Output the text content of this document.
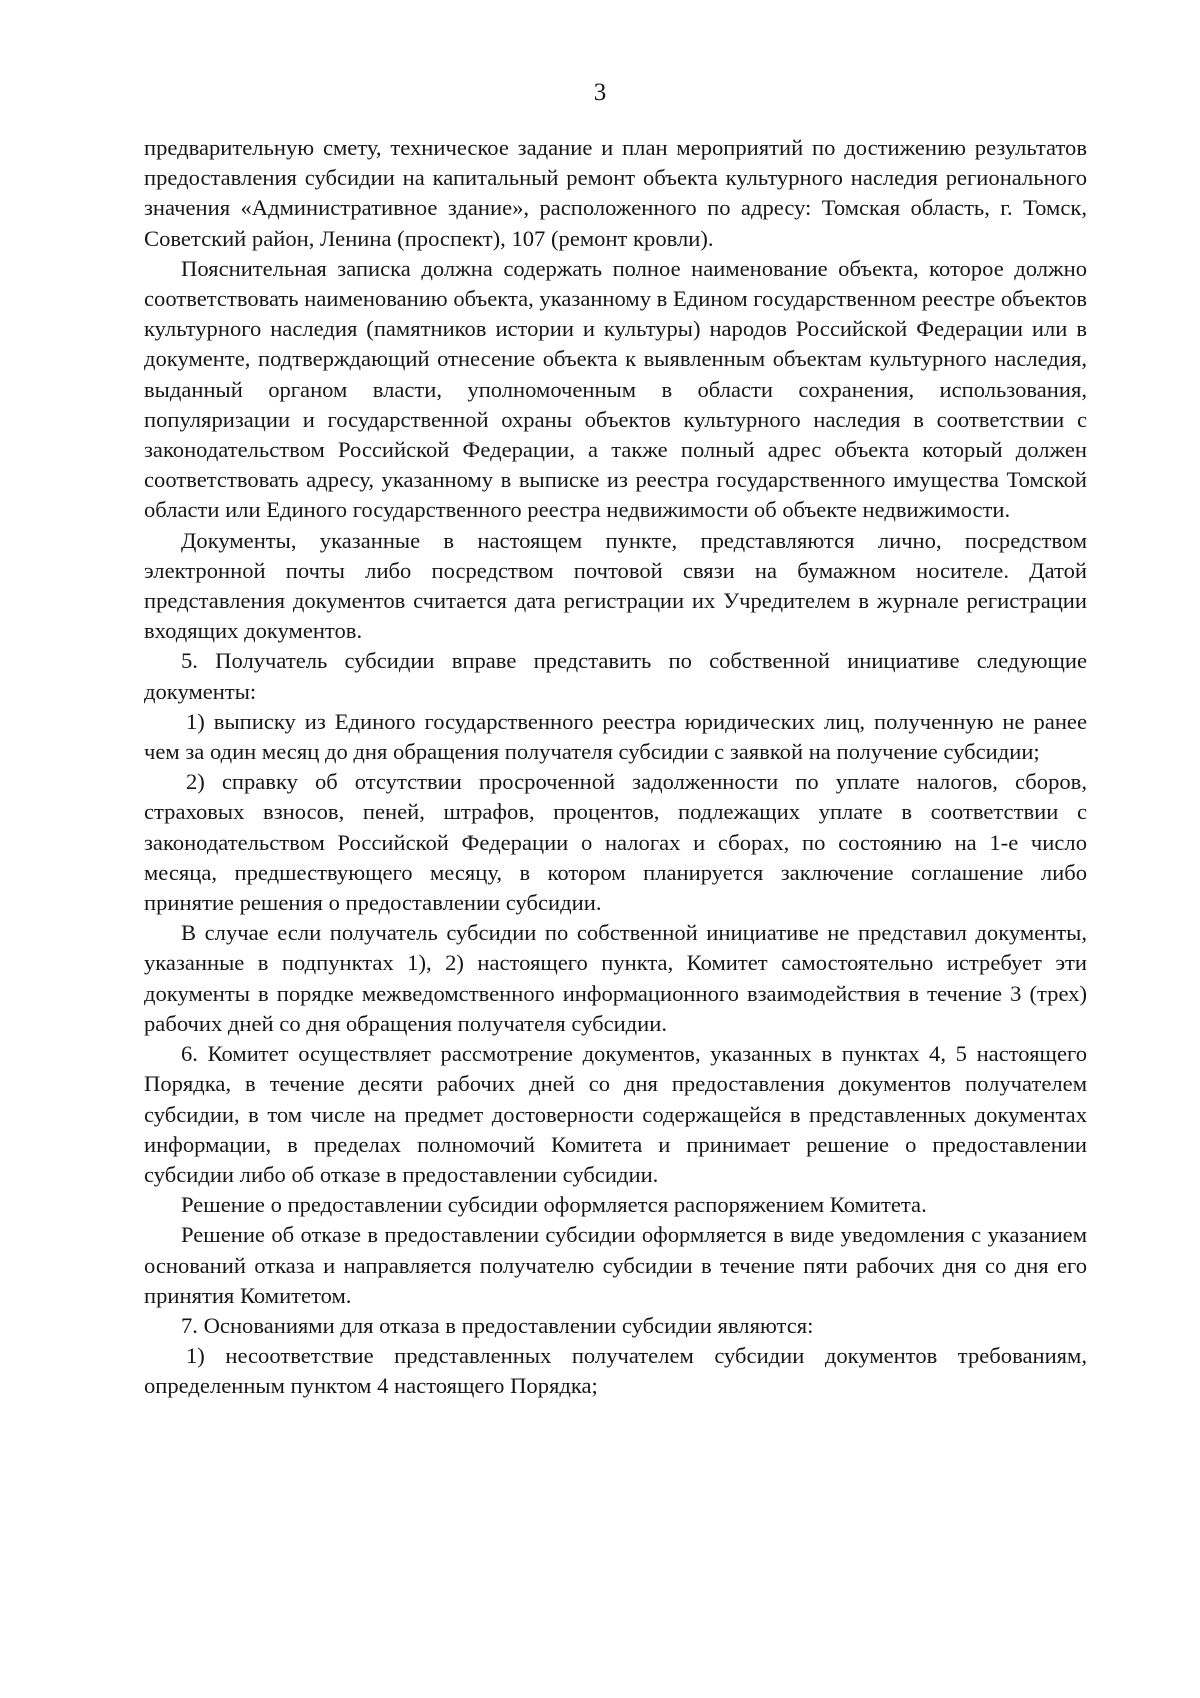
3

предварительную смету, техническое задание и план мероприятий по достижению результатов предоставления субсидии на капитальный ремонт объекта культурного наследия регионального значения «Административное здание», расположенного по адресу: Томская область, г. Томск, Советский район, Ленина (проспект), 107 (ремонт кровли).

Пояснительная записка должна содержать полное наименование объекта, которое должно соответствовать наименованию объекта, указанному в Едином государственном реестре объектов культурного наследия (памятников истории и культуры) народов Российской Федерации или в документе, подтверждающий отнесение объекта к выявленным объектам культурного наследия, выданный органом власти, уполномоченным в области сохранения, использования, популяризации и государственной охраны объектов культурного наследия в соответствии с законодательством Российской Федерации, а также полный адрес объекта который должен соответствовать адресу, указанному в выписке из реестра государственного имущества Томской области или Единого государственного реестра недвижимости об объекте недвижимости.

Документы, указанные в настоящем пункте, представляются лично, посредством электронной почты либо посредством почтовой связи на бумажном носителе. Датой представления документов считается дата регистрации их Учредителем в журнале регистрации входящих документов.

5. Получатель субсидии вправе представить по собственной инициативе следующие документы:

1) выписку из Единого государственного реестра юридических лиц, полученную не ранее чем за один месяц до дня обращения получателя субсидии с заявкой на получение субсидии;

2) справку об отсутствии просроченной задолженности по уплате налогов, сборов, страховых взносов, пеней, штрафов, процентов, подлежащих уплате в соответствии с законодательством Российской Федерации о налогах и сборах, по состоянию на 1-е число месяца, предшествующего месяцу, в котором планируется заключение соглашение либо принятие решения о предоставлении субсидии.

В случае если получатель субсидии по собственной инициативе не представил документы, указанные в подпунктах 1), 2) настоящего пункта, Комитет самостоятельно истребует эти документы в порядке межведомственного информационного взаимодействия в течение 3 (трех) рабочих дней со дня обращения получателя субсидии.

6. Комитет осуществляет рассмотрение документов, указанных в пунктах 4, 5 настоящего Порядка, в течение десяти рабочих дней со дня предоставления документов получателем субсидии, в том числе на предмет достоверности содержащейся в представленных документах информации, в пределах полномочий Комитета и принимает решение о предоставлении субсидии либо об отказе в предоставлении субсидии.

Решение о предоставлении субсидии оформляется распоряжением Комитета.

Решение об отказе в предоставлении субсидии оформляется в виде уведомления с указанием оснований отказа и направляется получателю субсидии в течение пяти рабочих дня со дня его принятия Комитетом.

7. Основаниями для отказа в предоставлении субсидии являются:

1) несоответствие представленных получателем субсидии документов требованиям, определенным пунктом 4 настоящего Порядка;
